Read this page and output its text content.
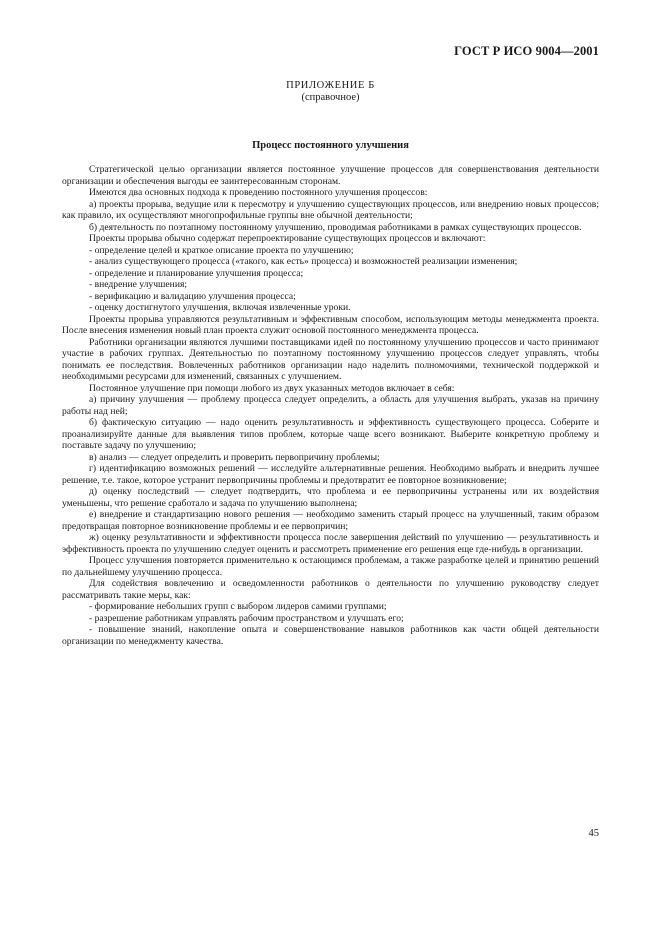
ГОСТ Р ИСО 9004—2001
ПРИЛОЖЕНИЕ Б
(справочное)
Процесс постоянного улучшения

Стратегической целью организации является постоянное улучшение процессов для совершенствования деятельности организации и обеспечения выгоды ее заинтересованным сторонам.

Имеются два основных подхода к проведению постоянного улучшения процессов:

а) проекты прорыва, ведущие или к пересмотру и улучшению существующих процессов, или внедрению новых процессов; как правило, их осуществляют многопрофильные группы вне обычной деятельности;

б) деятельность по поэтапному постоянному улучшению, проводимая работниками в рамках существующих процессов.

Проекты прорыва обычно содержат перепроектирование существующих процессов и включают:

- определение целей и краткое описание проекта по улучшению;

- анализ существующего процесса («такого, как есть» процесса) и возможностей реализации изменения;

- определение и планирование улучшения процесса;

- внедрение улучшения;

- верификацию и валидацию улучшения процесса;

- оценку достигнутого улучшения, включая извлеченные уроки.

Проекты прорыва управляются результативным и эффективным способом, использующим методы менеджмента проекта. После внесения изменения новый план проекта служит основой постоянного менеджмента процесса.

Работники организации являются лучшими поставщиками идей по постоянному улучшению процессов и часто принимают участие в рабочих группах. Деятельностью по поэтапному постоянному улучшению процессов следует управлять, чтобы понимать ее последствия. Вовлеченных работников организации надо наделить полномочиями, технической поддержкой и необходимыми ресурсами для изменений, связанных с улучшением.

Постоянное улучшение при помощи любого из двух указанных методов включает в себя:

а) причину улучшения — проблему процесса следует определить, а область для улучшения выбрать, указав на причину работы над ней;

б) фактическую ситуацию — надо оценить результативность и эффективность существующего процесса. Соберите и проанализируйте данные для выявления типов проблем, которые чаще всего возникают. Выберите конкретную проблему и поставьте задачу по улучшению;

в) анализ — следует определить и проверить первопричину проблемы;

г) идентификацию возможных решений — исследуйте альтернативные решения. Необходимо выбрать и внедрить лучшее решение, т.е. такое, которое устранит первопричины проблемы и предотвратит ее повторное возникновение;

д) оценку последствий — следует подтвердить, что проблема и ее первопричины устранены или их воздействия уменьшены, что решение сработало и задача по улучшению выполнена;

е) внедрение и стандартизацию нового решения — необходимо заменить старый процесс на улучшенный, таким образом предотвращая повторное возникновение проблемы и ее первопричин;

ж) оценку результативности и эффективности процесса после завершения действий по улучшению — результативность и эффективность проекта по улучшению следует оценить и рассмотреть применение его решения еще где-нибудь в организации.

Процесс улучшения повторяется применительно к остающимся проблемам, а также разработке целей и принятию решений по дальнейшему улучшению процесса.

Для содействия вовлечению и осведомленности работников о деятельности по улучшению руководству следует рассматривать такие меры, как:

- формирование небольших групп с выбором лидеров самими группами;

- разрешение работникам управлять рабочим пространством и улучшать его;

- повышение знаний, накопление опыта и совершенствование навыков работников как части общей деятельности организации по менеджменту качества.

45
